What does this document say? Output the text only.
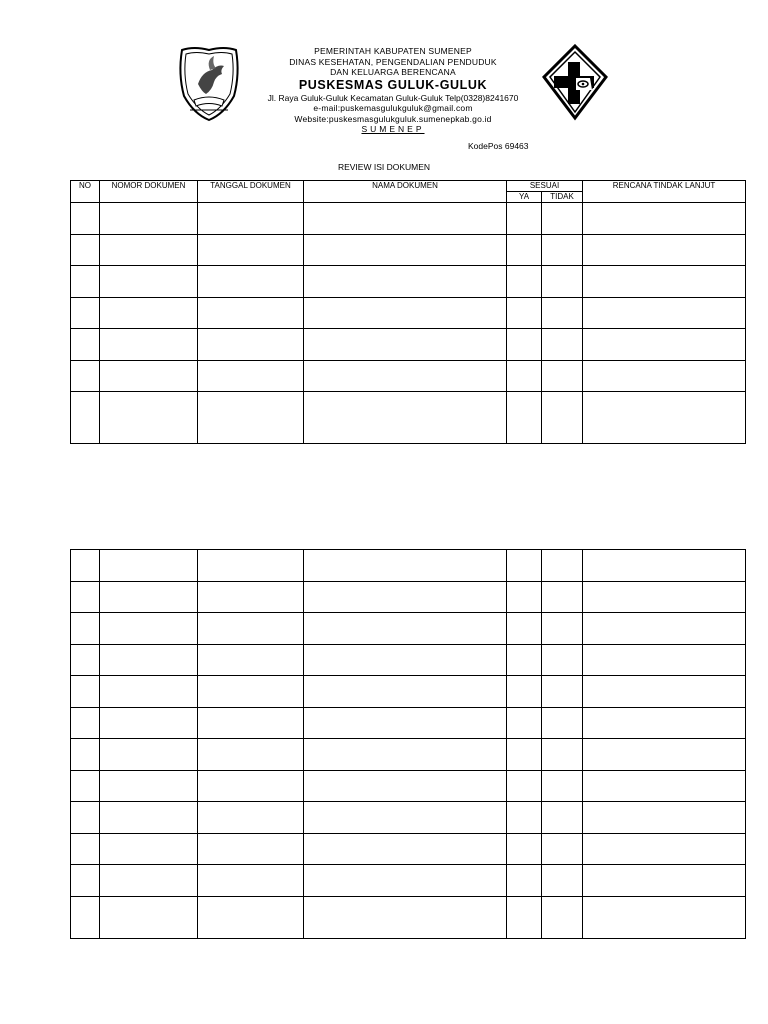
PEMERINTAH KABUPATEN SUMENEP
DINAS KESEHATAN, PENGENDALIAN PENDUDUK
DAN KELUARGA BERENCANA
PUSKESMAS GULUK-GULUK
Jl. Raya Guluk-Guluk Kecamatan Guluk-Guluk Telp(0328)8241670
e-mail:puskemasgulukguluk@gmail.com
Website:puskesmasgulukguluk.sumenepkab.go.id
SUMENEP
KodePos 69463
REVIEW ISI DOKUMEN
NO	NOMOR DOKUMEN	TANGGAL DOKUMEN	NAMA DOKUMEN	SESUAI		RENCANA TINDAK LANJUT
				YA	TIDAK	
